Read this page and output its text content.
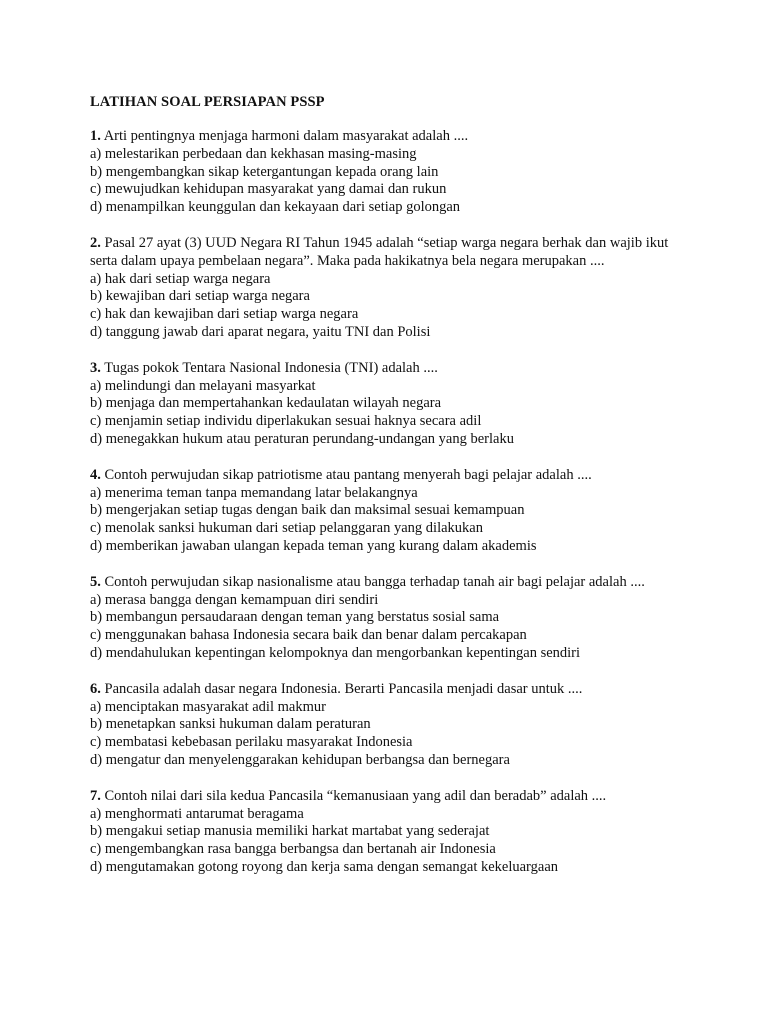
LATIHAN SOAL PERSIAPAN PSSP
1. Arti pentingnya menjaga harmoni dalam masyarakat adalah ....
a) melestarikan perbedaan dan kekhasan masing-masing
b) mengembangkan sikap ketergantungan kepada orang lain
c) mewujudkan kehidupan masyarakat yang damai dan rukun
d) menampilkan keunggulan dan kekayaan dari setiap golongan
2. Pasal 27 ayat (3) UUD Negara RI Tahun 1945 adalah “setiap warga negara berhak dan wajib ikut serta dalam upaya pembelaan negara”. Maka pada hakikatnya bela negara merupakan ....
a) hak dari setiap warga negara
b) kewajiban dari setiap warga negara
c) hak dan kewajiban dari setiap warga negara
d) tanggung jawab dari aparat negara, yaitu TNI dan Polisi
3. Tugas pokok Tentara Nasional Indonesia (TNI) adalah ....
a) melindungi dan melayani masyarkat
b) menjaga dan mempertahankan kedaulatan wilayah negara
c) menjamin setiap individu diperlakukan sesuai haknya secara adil
d) menegakkan hukum atau peraturan perundang-undangan yang berlaku
4. Contoh perwujudan sikap patriotisme atau pantang menyerah bagi pelajar adalah ....
a) menerima teman tanpa memandang latar belakangnya
b) mengerjakan setiap tugas dengan baik dan maksimal sesuai kemampuan
c) menolak sanksi hukuman dari setiap pelanggaran yang dilakukan
d) memberikan jawaban ulangan kepada teman yang kurang dalam akademis
5. Contoh perwujudan sikap nasionalisme atau bangga terhadap tanah air bagi pelajar adalah ....
a) merasa bangga dengan kemampuan diri sendiri
b) membangun persaudaraan dengan teman yang berstatus sosial sama
c) menggunakan bahasa Indonesia secara baik dan benar dalam percakapan
d) mendahulukan kepentingan kelompoknya dan mengorbankan kepentingan sendiri
6. Pancasila adalah dasar negara Indonesia. Berarti Pancasila menjadi dasar untuk ....
a) menciptakan masyarakat adil makmur
b) menetapkan sanksi hukuman dalam peraturan
c) membatasi kebebasan perilaku masyarakat Indonesia
d) mengatur dan menyelenggarakan kehidupan berbangsa dan bernegara
7. Contoh nilai dari sila kedua Pancasila “kemanusiaan yang adil dan beradab” adalah ....
a) menghormati antarumat beragama
b) mengakui setiap manusia memiliki harkat martabat yang sederajat
c) mengembangkan rasa bangga berbangsa dan bertanah air Indonesia
d) mengutamakan gotong royong dan kerja sama dengan semangat kekeluargaan
